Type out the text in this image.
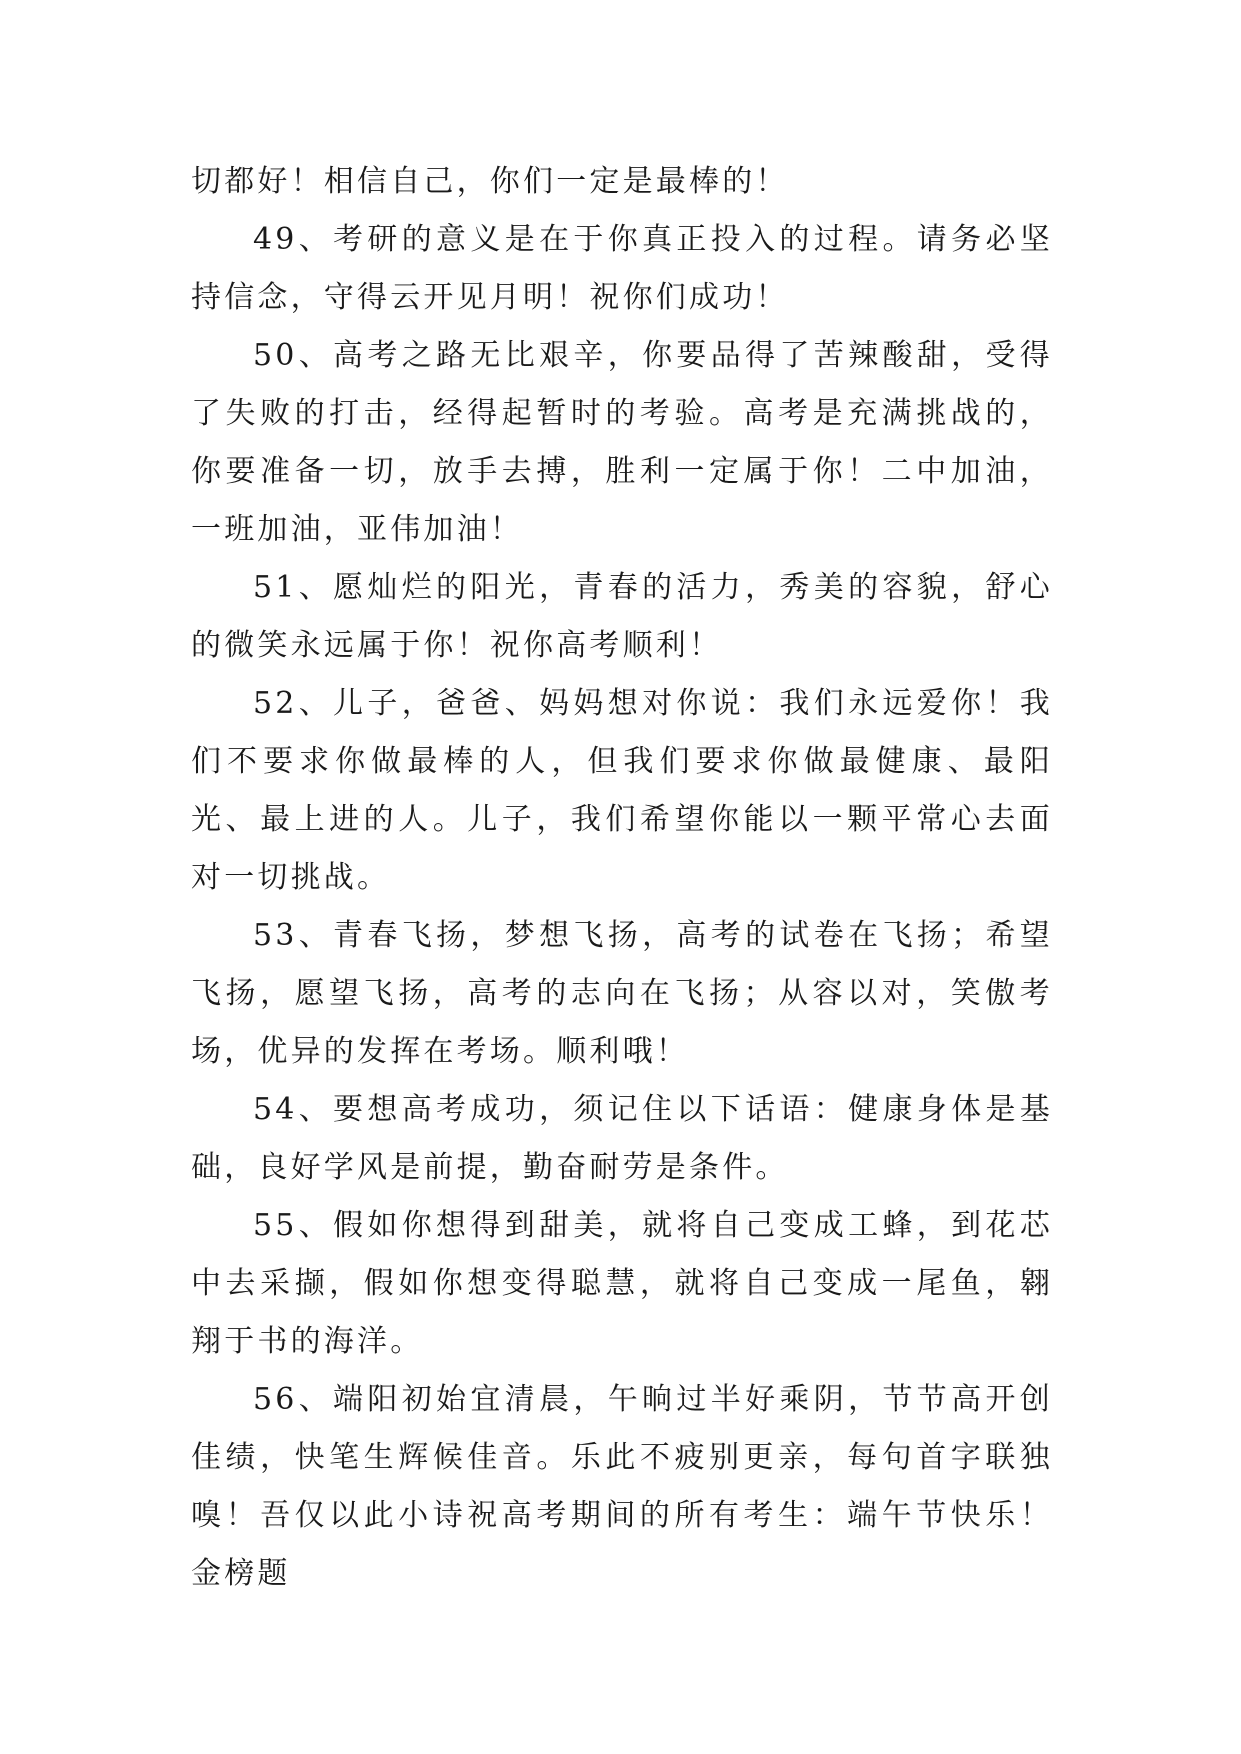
切都好！相信自己，你们一定是最棒的！

49、考研的意义是在于你真正投入的过程。请务必坚持信念，守得云开见月明！祝你们成功！

50、高考之路无比艰辛，你要品得了苦辣酸甜，受得了失败的打击，经得起暂时的考验。高考是充满挑战的，你要准备一切，放手去搏，胜利一定属于你！二中加油，一班加油，亚伟加油！

51、愿灿烂的阳光，青春的活力，秀美的容貌，舒心的微笑永远属于你！祝你高考顺利！

52、儿子，爸爸、妈妈想对你说：我们永远爱你！我们不要求你做最棒的人，但我们要求你做最健康、最阳光、最上进的人。儿子，我们希望你能以一颗平常心去面对一切挑战。

53、青春飞扬，梦想飞扬，高考的试卷在飞扬；希望飞扬，愿望飞扬，高考的志向在飞扬；从容以对，笑傲考场，优异的发挥在考场。顺利哦！

54、要想高考成功，须记住以下话语：健康身体是基础，良好学风是前提，勤奋耐劳是条件。

55、假如你想得到甜美，就将自己变成工蜂，到花芯中去采撷，假如你想变得聪慧，就将自己变成一尾鱼，翱翔于书的海洋。

56、端阳初始宜清晨，午晌过半好乘阴，节节高开创佳绩，快笔生辉候佳音。乐此不疲别更亲，每句首字联独嗅！吾仅以此小诗祝高考期间的所有考生：端午节快乐！金榜题
